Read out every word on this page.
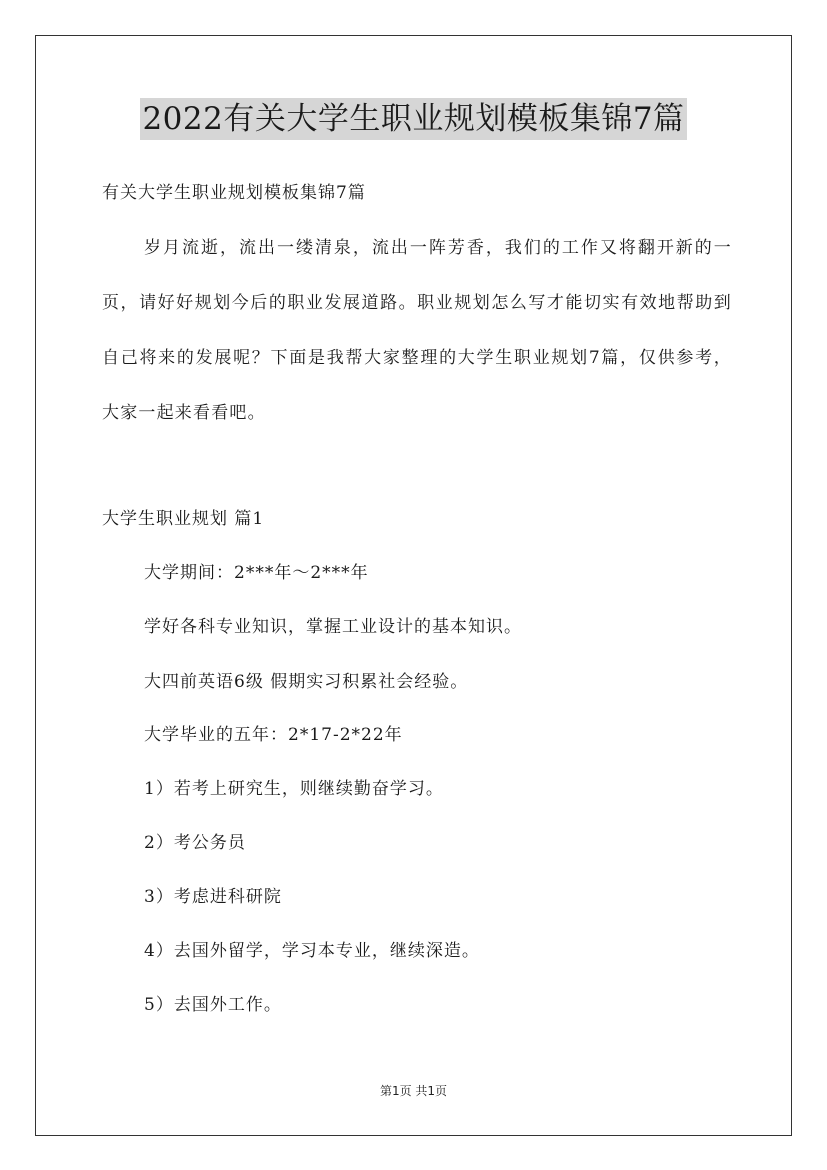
2022有关大学生职业规划模板集锦7篇
有关大学生职业规划模板集锦7篇
岁月流逝，流出一缕清泉，流出一阵芳香，我们的工作又将翻开新的一页，请好好规划今后的职业发展道路。职业规划怎么写才能切实有效地帮助到自己将来的发展呢？下面是我帮大家整理的大学生职业规划7篇，仅供参考，大家一起来看看吧。
大学生职业规划 篇1
大学期间：2***年～2***年
学好各科专业知识，掌握工业设计的基本知识。
大四前英语6级 假期实习积累社会经验。
大学毕业的五年：2*17-2*22年
1）若考上研究生，则继续勤奋学习。
2）考公务员
3）考虑进科研院
4）去国外留学，学习本专业，继续深造。
5）去国外工作。
第1页 共1页
